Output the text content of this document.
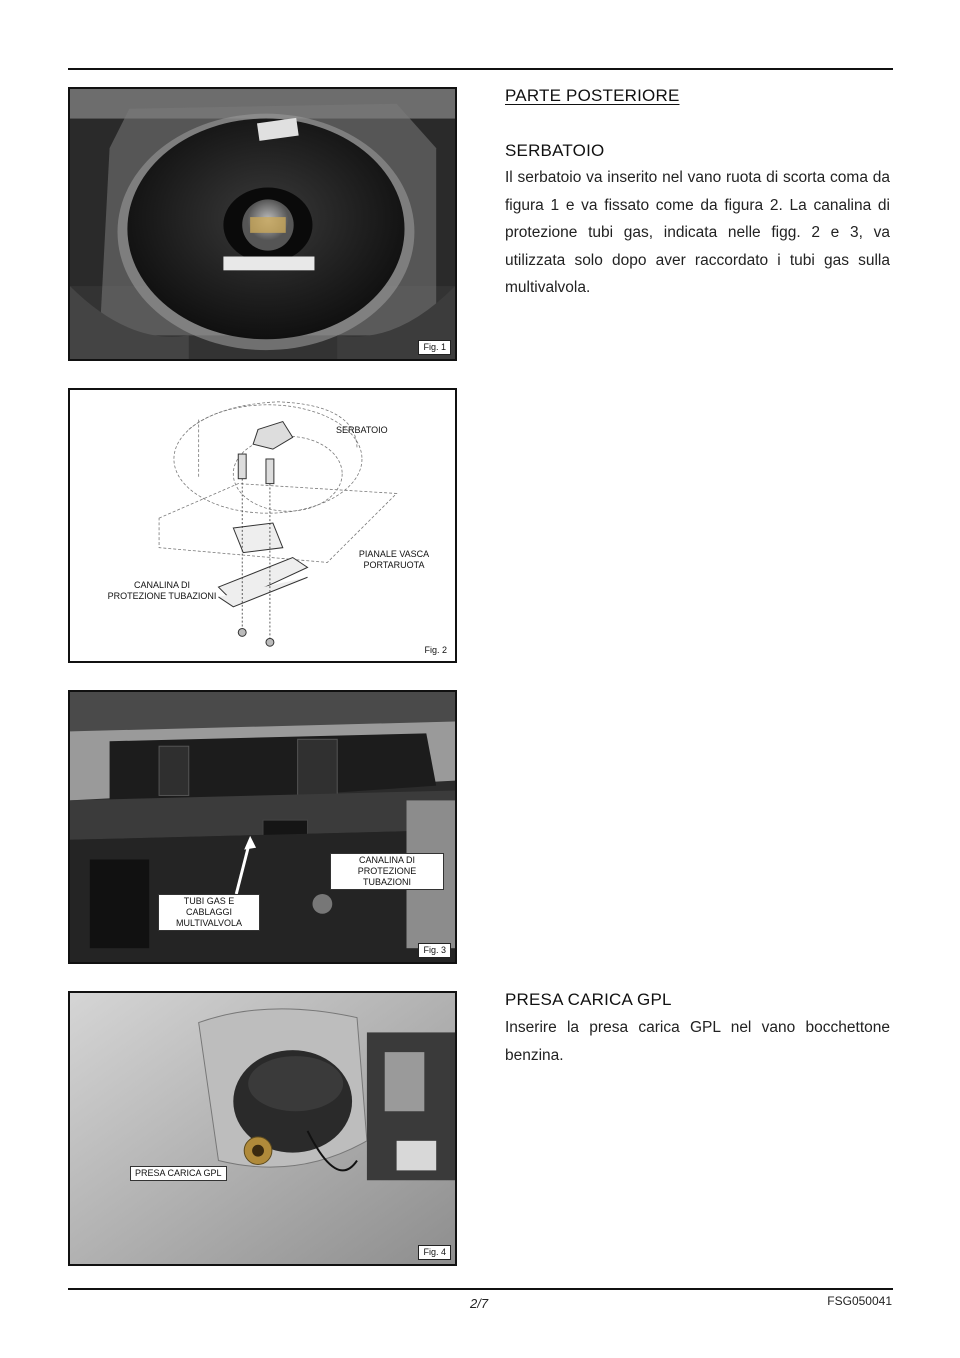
Fig. 1
SERBATOIO
PIANALE VASCA PORTARUOTA
CANALINA DI PROTEZIONE TUBAZIONI
Fig. 2
CANALINA DI PROTEZIONE TUBAZIONI
TUBI GAS E CABLAGGI MULTIVALVOLA
Fig. 3
PRESA CARICA GPL
Fig. 4
PARTE POSTERIORE
SERBATOIO

Il serbatoio va inserito nel vano ruota di scorta coma da figura 1 e va fissato come da figura 2. La canalina di protezione tubi gas, indicata nelle figg. 2 e 3, va utilizzata solo dopo aver raccordato i tubi gas sulla multivalvola.

PRESA CARICA GPL

Inserire la presa carica GPL nel vano bocchettone benzina.

2/7	FSG050041
